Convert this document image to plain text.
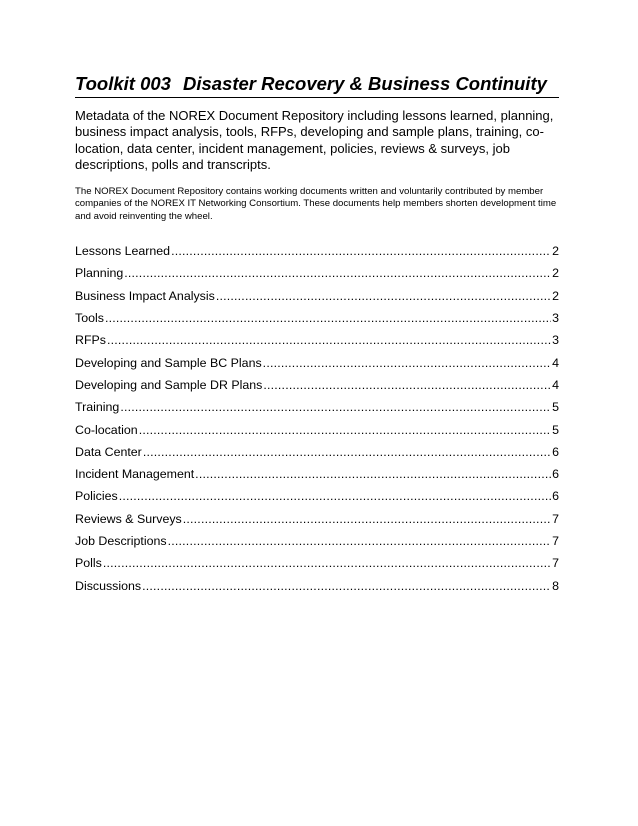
Toolkit 003 Disaster Recovery & Business Continuity

Metadata of the NOREX Document Repository including lessons learned, planning, business impact analysis, tools, RFPs, developing and sample plans, training, co-location, data center, incident management, policies, reviews & surveys, job descriptions, polls and transcripts.

The NOREX Document Repository contains working documents written and voluntarily contributed by member companies of the NOREX IT Networking Consortium. These documents help members shorten development time and avoid reinventing the wheel.

Lessons Learned .....	2
Planning .....	2
Business Impact Analysis .....	2
Tools .....	3
RFPs .....	3
Developing and Sample BC Plans .....	4
Developing and Sample DR Plans .....	4
Training .....	5
Co-location .....	5
Data Center .....	6
Incident Management .....	6
Policies .....	6
Reviews & Surveys .....	7
Job Descriptions .....	7
Polls .....	7
Discussions .....	8
